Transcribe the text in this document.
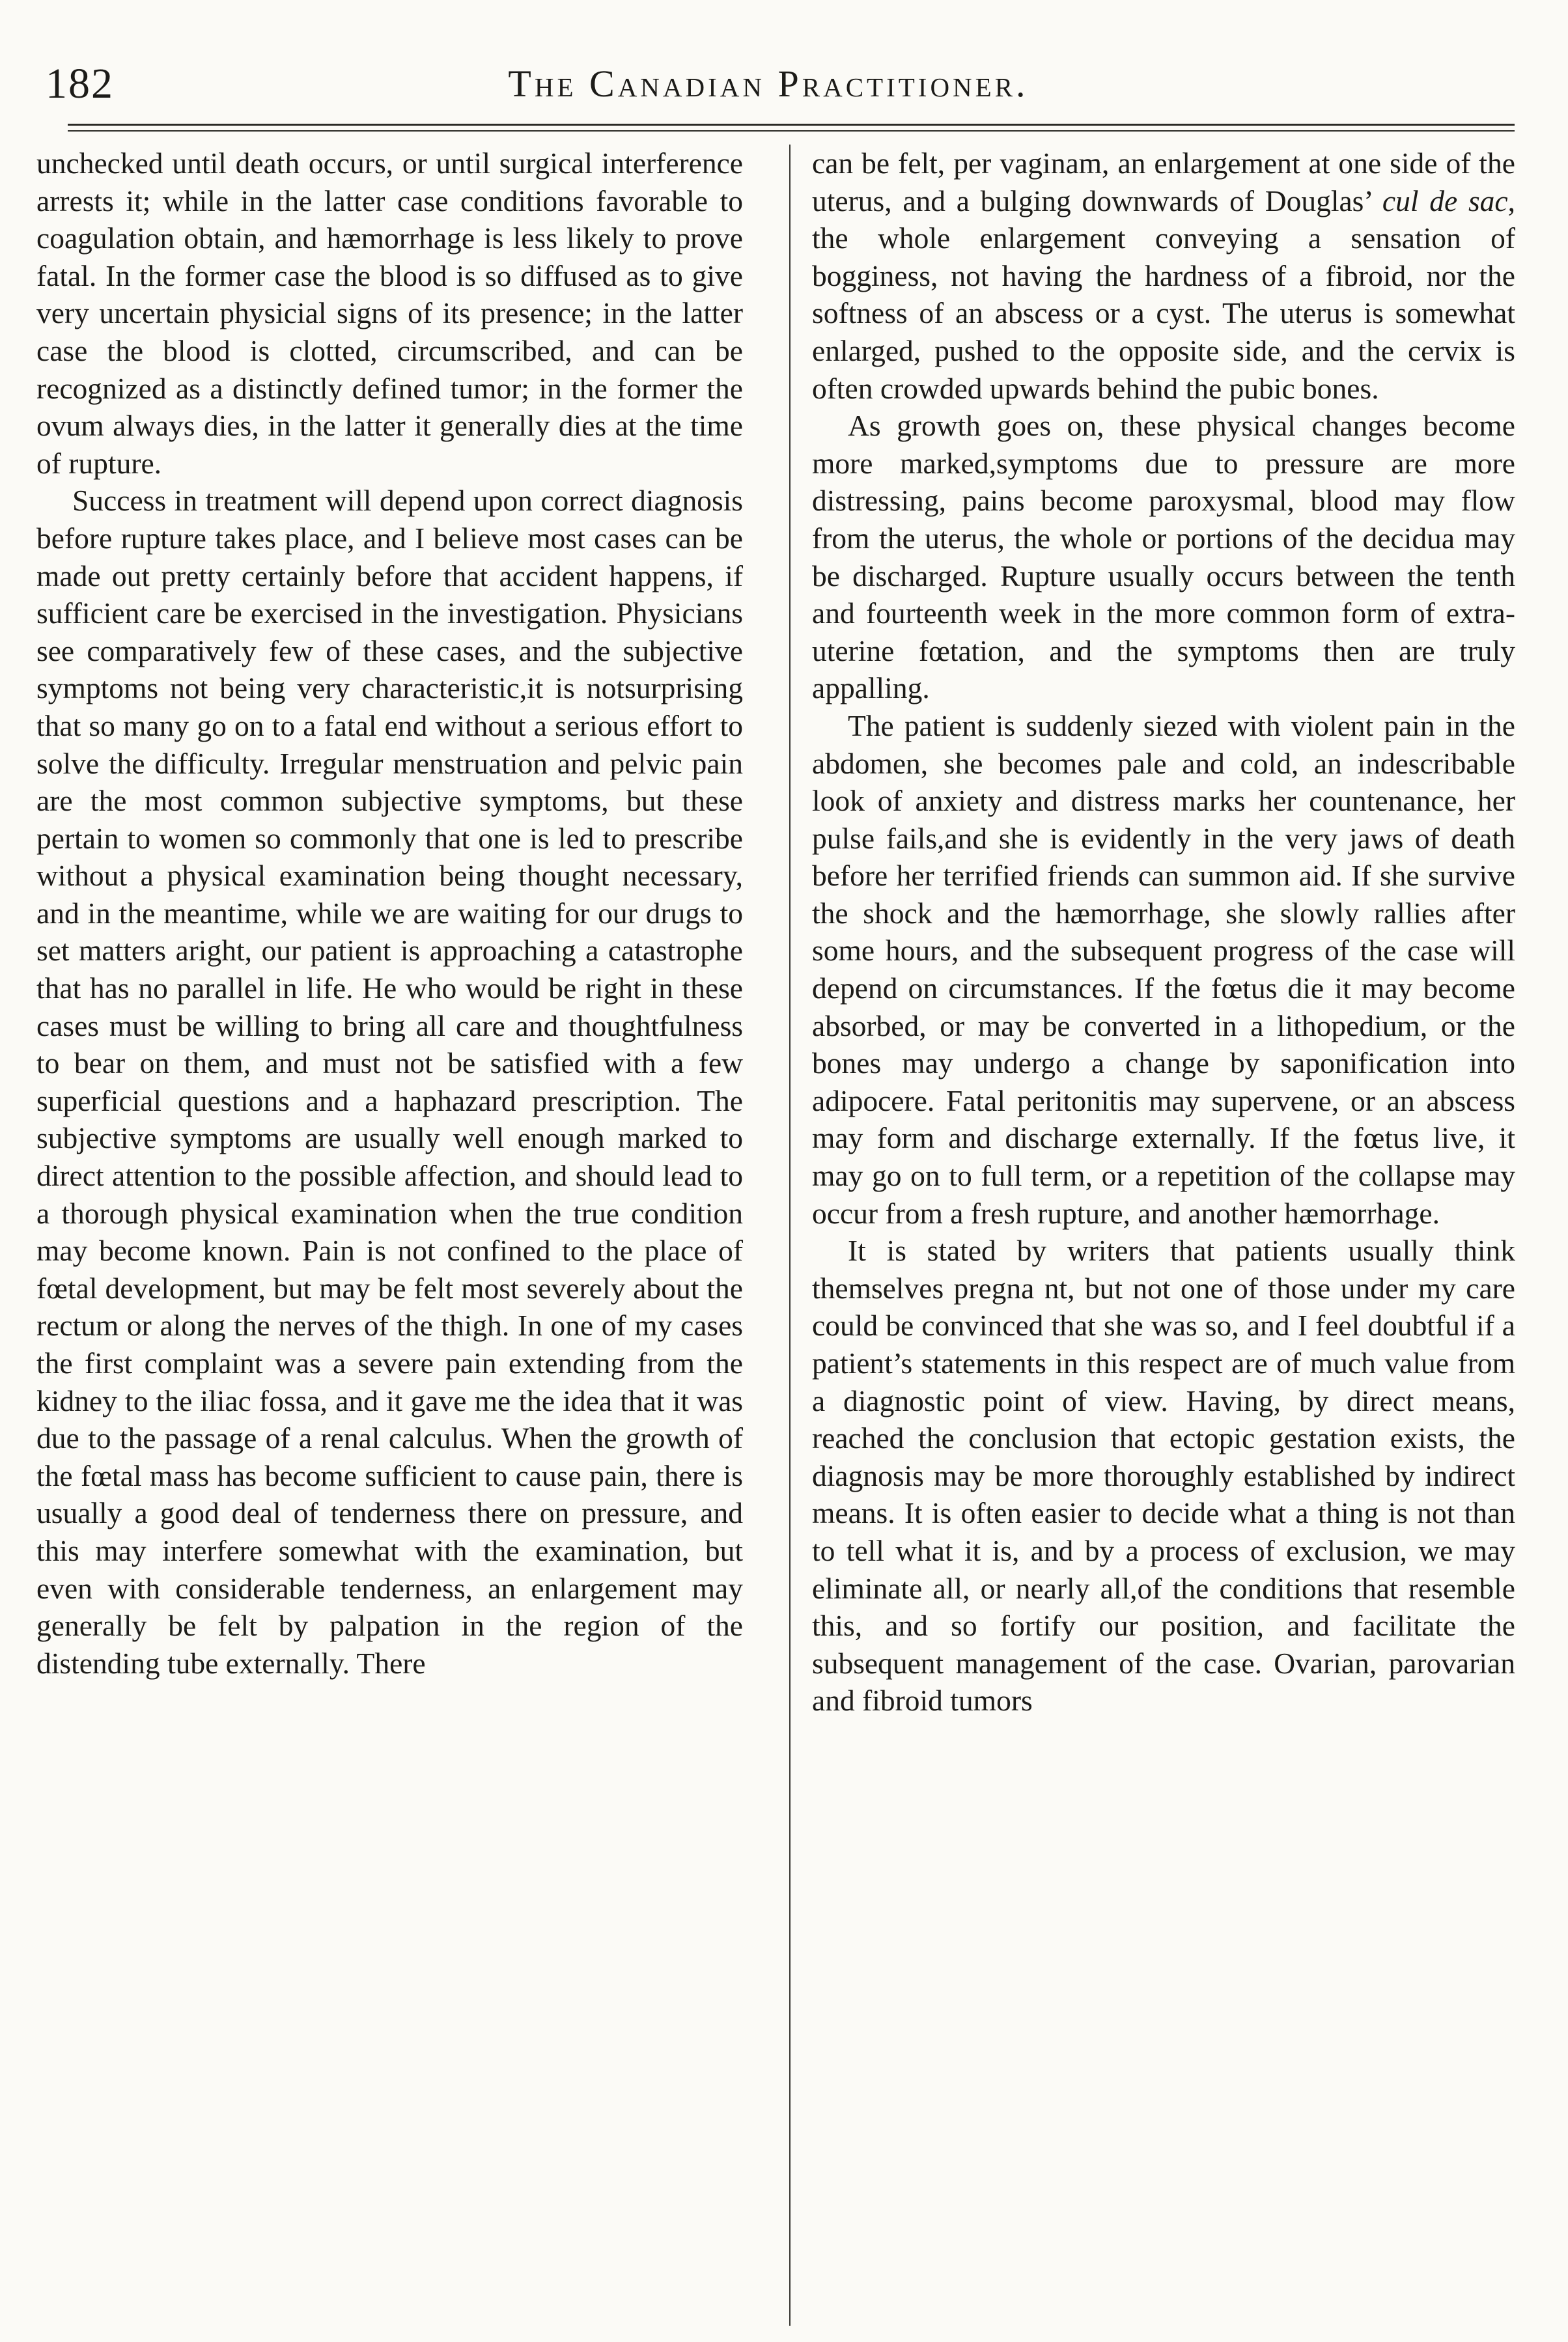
182	The Canadian Practitioner.

unchecked until death occurs, or until surgical interference arrests it; while in the latter case conditions favorable to coagulation obtain, and hæmorrhage is less likely to prove fatal. In the former case the blood is so diffused as to give very uncertain physicial signs of its presence; in the latter case the blood is clotted, circumscribed, and can be recognized as a distinctly defined tumor; in the former the ovum always dies, in the latter it generally dies at the time of rupture.

Success in treatment will depend upon correct diagnosis before rupture takes place, and I believe most cases can be made out pretty certainly before that accident happens, if sufficient care be exercised in the investigation. Physicians see comparatively few of these cases, and the subjective symptoms not being very characteristic,it is notsurprising that so many go on to a fatal end without a serious effort to solve the difficulty. Irregular menstruation and pelvic pain are the most common subjective symptoms, but these pertain to women so commonly that one is led to prescribe without a physical examination being thought necessary, and in the meantime, while we are waiting for our drugs to set matters aright, our patient is approaching a catastrophe that has no parallel in life. He who would be right in these cases must be willing to bring all care and thoughtfulness to bear on them, and must not be satisfied with a few superficial questions and a haphazard prescription. The subjective symptoms are usually well enough marked to direct attention to the possible affection, and should lead to a thorough physical examination when the true condition may become known. Pain is not confined to the place of fœtal development, but may be felt most severely about the rectum or along the nerves of the thigh. In one of my cases the first complaint was a severe pain extending from the kidney to the iliac fossa, and it gave me the idea that it was due to the passage of a renal calculus. When the growth of the fœtal mass has become sufficient to cause pain, there is usually a good deal of tenderness there on pressure, and this may interfere somewhat with the examination, but even with considerable tenderness, an enlargement may generally be felt by palpation in the region of the distending tube externally. There

can be felt, per vaginam, an enlargement at one side of the uterus, and a bulging downwards of Douglas’ cul de sac, the whole enlargement conveying a sensation of bogginess, not having the hardness of a fibroid, nor the softness of an abscess or a cyst. The uterus is somewhat enlarged, pushed to the opposite side, and the cervix is often crowded upwards behind the pubic bones.

As growth goes on, these physical changes become more marked,symptoms due to pressure are more distressing, pains become paroxysmal, blood may flow from the uterus, the whole or portions of the decidua may be discharged. Rupture usually occurs between the tenth and fourteenth week in the more common form of extra-uterine fœtation, and the symptoms then are truly appalling.

The patient is suddenly siezed with violent pain in the abdomen, she becomes pale and cold, an indescribable look of anxiety and distress marks her countenance, her pulse fails,and she is evidently in the very jaws of death before her terrified friends can summon aid. If she survive the shock and the hæmorrhage, she slowly rallies after some hours, and the subsequent progress of the case will depend on circumstances. If the fœtus die it may become absorbed, or may be converted in a lithopedium, or the bones may undergo a change by saponification into adipocere. Fatal peritonitis may supervene, or an abscess may form and discharge externally. If the fœtus live, it may go on to full term, or a repetition of the collapse may occur from a fresh rupture, and another hæmorrhage.

It is stated by writers that patients usually think themselves pregna nt, but not one of those under my care could be convinced that she was so, and I feel doubtful if a patient’s statements in this respect are of much value from a diagnostic point of view. Having, by direct means, reached the conclusion that ectopic gestation exists, the diagnosis may be more thoroughly established by indirect means. It is often easier to decide what a thing is not than to tell what it is, and by a process of exclusion, we may eliminate all, or nearly all,of the conditions that resemble this, and so fortify our position, and facilitate the subsequent management of the case. Ovarian, parovarian and fibroid tumors
